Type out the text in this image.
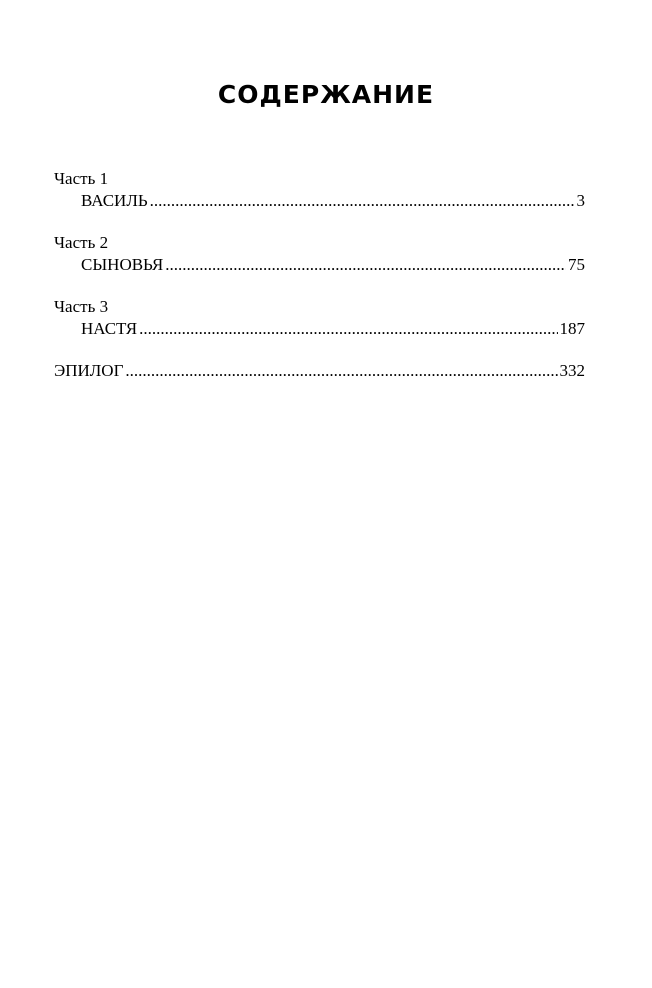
СОДЕРЖАНИЕ
Часть 1
ВАСИЛЬ .....	3
Часть 2
СЫНОВЬЯ .....	75
Часть 3
НАСТЯ .....	187
ЭПИЛОГ .....	332
